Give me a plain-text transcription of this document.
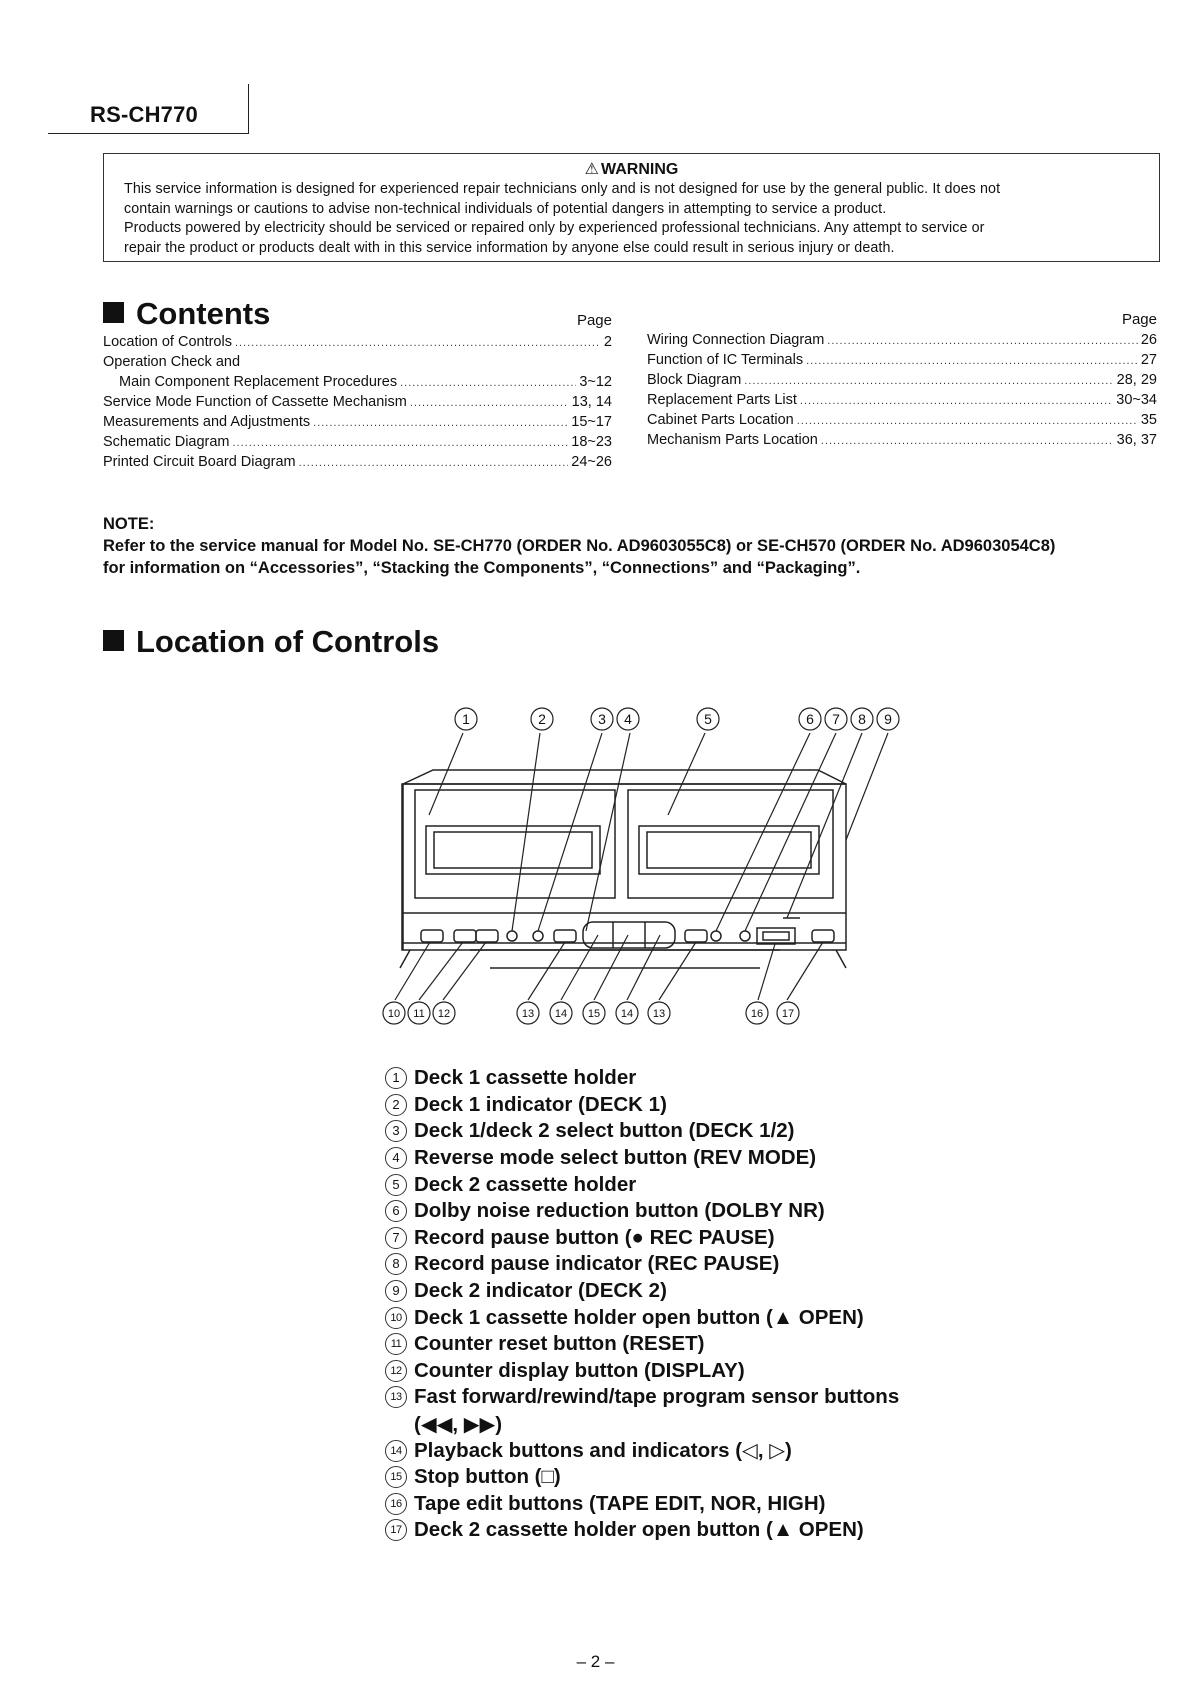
RS-CH770
⚠ WARNING
This service information is designed for experienced repair technicians only and is not designed for use by the general public. It does not
contain warnings or cautions to advise non-technical individuals of potential dangers in attempting to service a product.
Products powered by electricity should be serviced or repaired only by experienced professional technicians. Any attempt to service or
repair the product or products dealt with in this service information by anyone else could result in serious injury or death.
Contents	Page
Location of Controls .....	2
Operation Check and
Main Component Replacement Procedures .....	3~12
Service Mode Function of Cassette Mechanism .....	13, 14
Measurements and Adjustments .....	15~17
Schematic Diagram .....	18~23
Printed Circuit Board Diagram .....	24~26
Page
Wiring Connection Diagram .....	26
Function of IC Terminals .....	27
Block Diagram .....	28, 29
Replacement Parts List .....	30~34
Cabinet Parts Location .....	35
Mechanism Parts Location .....	36, 37
NOTE:
Refer to the service manual for Model No. SE-CH770 (ORDER No. AD9603055C8) or SE-CH570 (ORDER No. AD9603054C8)
for information on “Accessories”, “Stacking the Components”, “Connections” and “Packaging”.
Location of Controls
1	2	3 4	5	6 7 8 9
10 11 12	13 14 15 14 13	16 17
1 Deck 1 cassette holder
2 Deck 1 indicator (DECK 1)
3 Deck 1/deck 2 select button (DECK 1/2)
4 Reverse mode select button (REV MODE)
5 Deck 2 cassette holder
6 Dolby noise reduction button (DOLBY NR)
7 Record pause button (● REC PAUSE)
8 Record pause indicator (REC PAUSE)
9 Deck 2 indicator (DECK 2)
10 Deck 1 cassette holder open button (▲ OPEN)
11 Counter reset button (RESET)
12 Counter display button (DISPLAY)
13 Fast forward/rewind/tape program sensor buttons
(◀◀, ▶▶)
14 Playback buttons and indicators (◁, ▷)
15 Stop button (□)
16 Tape edit buttons (TAPE EDIT, NOR, HIGH)
17 Deck 2 cassette holder open button (▲ OPEN)
– 2 –
